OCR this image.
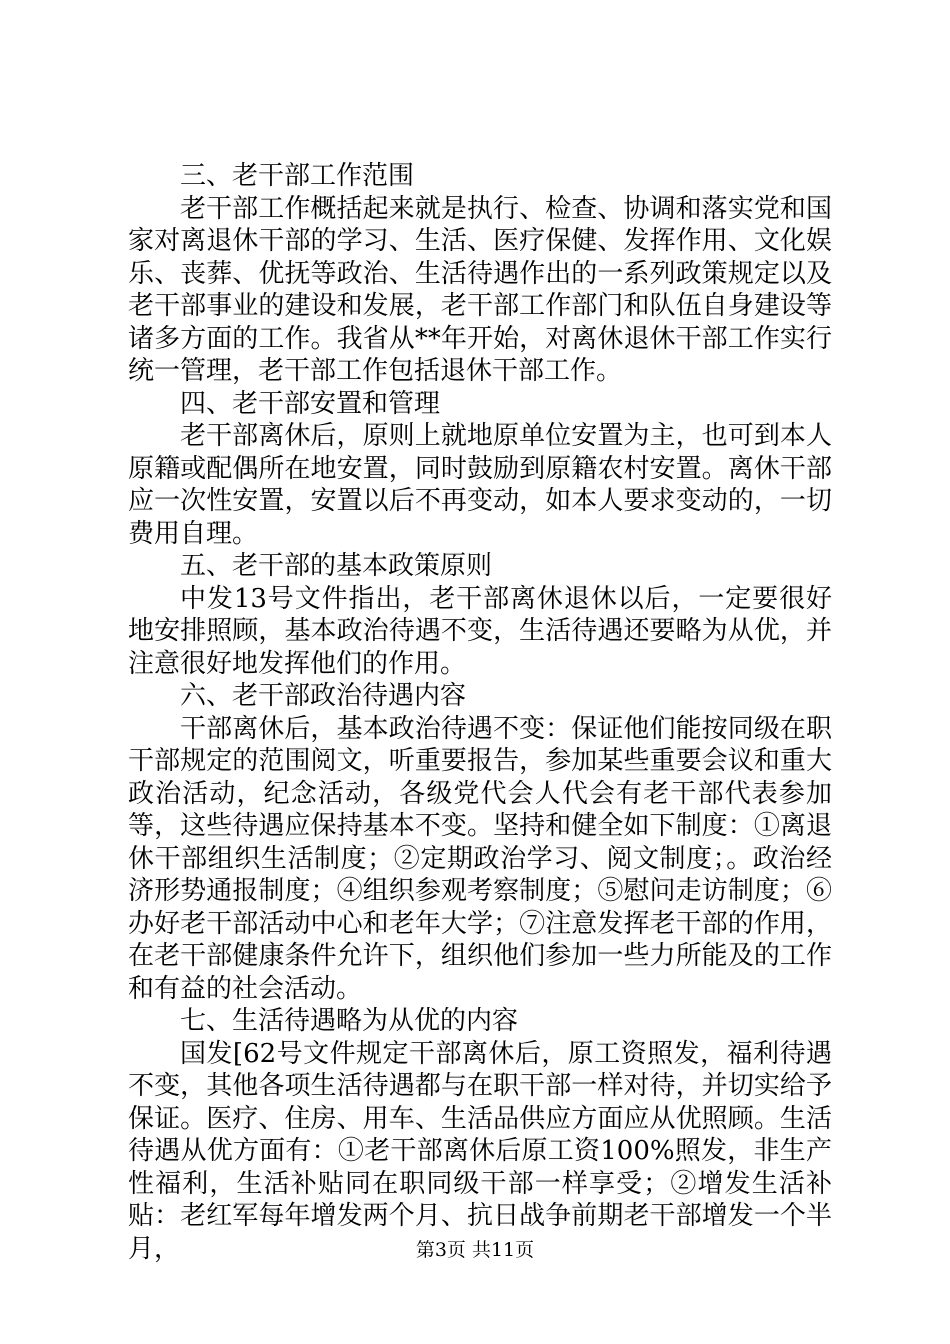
三、老干部工作范围

老干部工作概括起来就是执行、检查、协调和落实党和国家对离退休干部的学习、生活、医疗保健、发挥作用、文化娱乐、丧葬、优抚等政治、生活待遇作出的一系列政策规定以及老干部事业的建设和发展，老干部工作部门和队伍自身建设等诸多方面的工作。我省从**年开始，对离休退休干部工作实行统一管理，老干部工作包括退休干部工作。

四、老干部安置和管理

老干部离休后，原则上就地原单位安置为主，也可到本人原籍或配偶所在地安置，同时鼓励到原籍农村安置。离休干部应一次性安置，安置以后不再变动，如本人要求变动的，一切费用自理。

五、老干部的基本政策原则

中发13号文件指出，老干部离休退休以后，一定要很好地安排照顾，基本政治待遇不变，生活待遇还要略为从优，并注意很好地发挥他们的作用。

六、老干部政治待遇内容

干部离休后，基本政治待遇不变：保证他们能按同级在职干部规定的范围阅文，听重要报告，参加某些重要会议和重大政治活动，纪念活动，各级党代会人代会有老干部代表参加等，这些待遇应保持基本不变。坚持和健全如下制度：①离退休干部组织生活制度；②定期政治学习、阅文制度；。政治经济形势通报制度；④组织参观考察制度；⑤慰问走访制度；⑥办好老干部活动中心和老年大学；⑦注意发挥老干部的作用，在老干部健康条件允许下，组织他们参加一些力所能及的工作和有益的社会活动。

七、生活待遇略为从优的内容

国发[62号文件规定干部离休后，原工资照发，福利待遇不变，其他各项生活待遇都与在职干部一样对待，并切实给予保证。医疗、住房、用车、生活品供应方面应从优照顾。生活待遇从优方面有：①老干部离休后原工资100%照发，非生产性福利，生活补贴同在职同级干部一样享受；②增发生活补贴：老红军每年增发两个月、抗日战争前期老干部增发一个半月，	第3页 共11页
